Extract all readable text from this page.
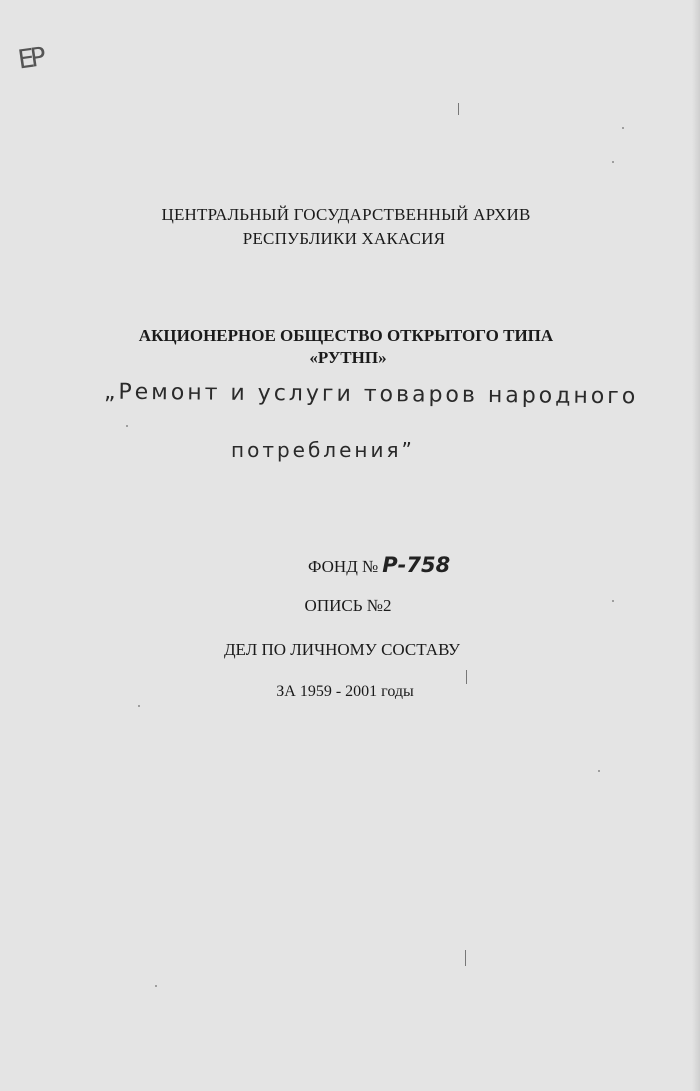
ЕР
ЦЕНТРАЛЬНЫЙ ГОСУДАРСТВЕННЫЙ АРХИВ
РЕСПУБЛИКИ ХАКАСИЯ
АКЦИОНЕРНОЕ ОБЩЕСТВО ОТКРЫТОГО ТИПА
«РУТНП»
„Ремонт и услуги товаров народного
потребления”
ФОНД № Р-758
ОПИСЬ №2
ДЕЛ ПО ЛИЧНОМУ СОСТАВУ
ЗА 1959 - 2001 годы
